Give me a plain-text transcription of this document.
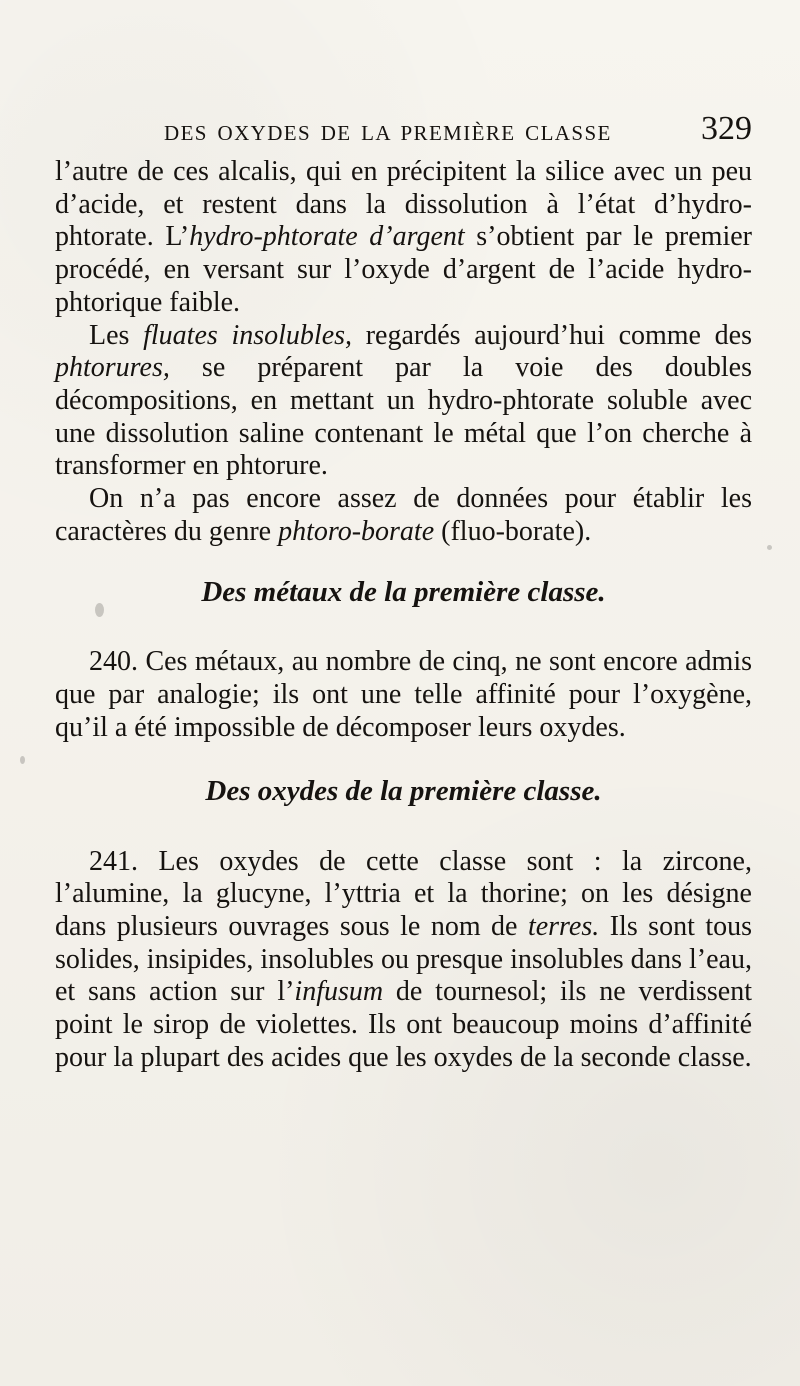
DES OXYDES DE LA PREMIÈRE CLASSE	329

l’autre de ces alcalis, qui en précipitent la silice avec un peu d’acide, et restent dans la dissolution à l’état d’hydro-phtorate. L’hydro-phtorate d’argent s’obtient par le premier procédé, en versant sur l’oxyde d’argent de l’acide hydro-phtorique faible.

Les fluates insolubles, regardés aujourd’hui comme des phtorures, se préparent par la voie des doubles décompositions, en mettant un hydro-phtorate soluble avec une dissolution saline contenant le métal que l’on cherche à transformer en phtorure.

On n’a pas encore assez de données pour établir les caractères du genre phtoro-borate (fluo-borate).

Des métaux de la première classe.

240. Ces métaux, au nombre de cinq, ne sont encore admis que par analogie; ils ont une telle affinité pour l’oxygène, qu’il a été impossible de décomposer leurs oxydes.

Des oxydes de la première classe.

241. Les oxydes de cette classe sont : la zircone, l’alumine, la glucyne, l’yttria et la thorine; on les désigne dans plusieurs ouvrages sous le nom de terres. Ils sont tous solides, insipides, insolubles ou presque insolubles dans l’eau, et sans action sur l’infusum de tournesol; ils ne verdissent point le sirop de violettes. Ils ont beaucoup moins d’affinité pour la plupart des acides que les oxydes de la seconde classe.
